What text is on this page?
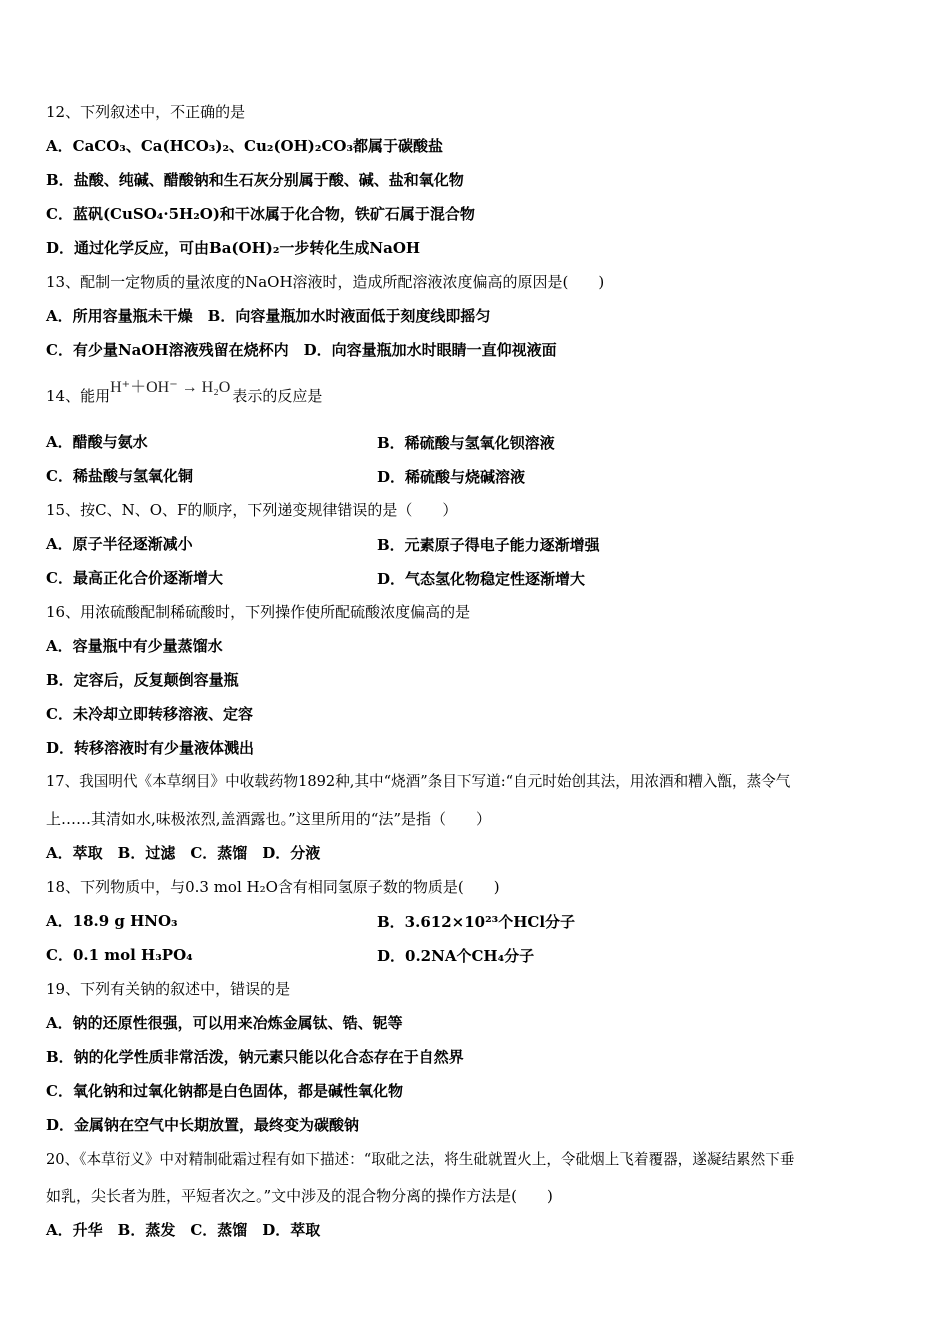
12、下列叙述中，不正确的是
A．CaCO₃、Ca(HCO₃)₂、Cu₂(OH)₂CO₃都属于碳酸盐
B．盐酸、纯碱、醋酸钠和生石灰分别属于酸、碱、盐和氧化物
C．蓝矾(CuSO₄·5H₂O)和干冰属于化合物，铁矿石属于混合物
D．通过化学反应，可由Ba(OH)₂一步转化生成NaOH
13、配制一定物质的量浓度的NaOH溶液时，造成所配溶液浓度偏高的原因是(　　)
A．所用容量瓶未干燥　B．向容量瓶加水时液面低于刻度线即摇匀
C．有少量NaOH溶液残留在烧杯内　D．向容量瓶加水时眼睛一直仰视液面
14、能用H⁺＋OH⁻ → H₂O 表示的反应是
A．醋酸与氨水	B．稀硫酸与氢氧化钡溶液
C．稀盐酸与氢氧化铜	D．稀硫酸与烧碱溶液
15、按C、N、O、F的顺序，下列递变规律错误的是（　　）
A．原子半径逐渐减小	B．元素原子得电子能力逐渐增强
C．最高正化合价逐渐增大	D．气态氢化物稳定性逐渐增大
16、用浓硫酸配制稀硫酸时，下列操作使所配硫酸浓度偏高的是
A．容量瓶中有少量蒸馏水
B．定容后，反复颠倒容量瓶
C．未冷却立即转移溶液、定容
D．转移溶液时有少量液体溅出
17、我国明代《本草纲目》中收载药物1892种,其中“烧酒”条目下写道:“自元时始创其法，用浓酒和糟入甑，蒸令气
上……其清如水,味极浓烈,盖酒露也。”这里所用的“法”是指（　　）
A．萃取　B．过滤　C．蒸馏　D．分液
18、下列物质中，与0.3 mol H₂O含有相同氢原子数的物质是(　　)
A．18.9 g HNO₃	B．3.612×10²³个HCl分子
C．0.1 mol H₃PO₄	D．0.2NA个CH₄分子
19、下列有关钠的叙述中，错误的是
A．钠的还原性很强，可以用来冶炼金属钛、锆、铌等
B．钠的化学性质非常活泼，钠元素只能以化合态存在于自然界
C．氧化钠和过氧化钠都是白色固体，都是碱性氧化物
D．金属钠在空气中长期放置，最终变为碳酸钠
20、《本草衍义》中对精制砒霜过程有如下描述：“取砒之法，将生砒就置火上，令砒烟上飞着覆器，遂凝结累然下垂
如乳，尖长者为胜，平短者次之。”文中涉及的混合物分离的操作方法是(　　)
A．升华　B．蒸发　C．蒸馏　D．萃取
